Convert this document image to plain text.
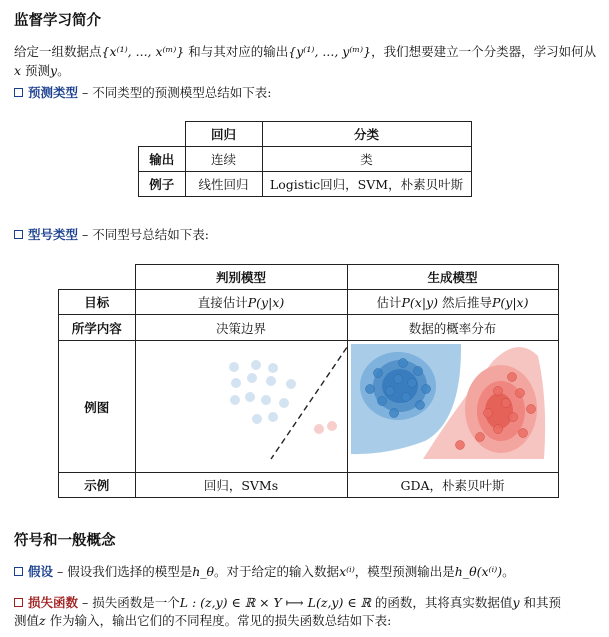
监督学习简介
给定一组数据点{x⁽¹⁾, ..., x⁽ᵐ⁾} 和与其对应的输出{y⁽¹⁾, ..., y⁽ᵐ⁾}，我们想要建立一个分类器，学习如何从x 预测y。
预测类型 – 不同类型的预测模型总结如下表:
	回归	分类
输出	连续	类
例子	线性回归	Logistic回归，SVM，朴素贝叶斯
型号类型 – 不同型号总结如下表:
	判别模型	生成模型
目标	直接估计P(y|x)	估计P(x|y) 然后推导P(y|x)
所学内容	决策边界	数据的概率分布
例图		
示例	回归，SVMs	GDA，朴素贝叶斯
符号和一般概念
假设 – 假设我们选择的模型是h_θ。对于给定的输入数据x⁽ⁱ⁾，模型预测输出是h_θ(x⁽ⁱ⁾)。
损失函数 – 损失函数是一个L : (z,y) ∈ ℝ × Y ⟼ L(z,y) ∈ ℝ 的函数，其将真实数据值y 和其预
测值z 作为输入，输出它们的不同程度。常见的损失函数总结如下表:
